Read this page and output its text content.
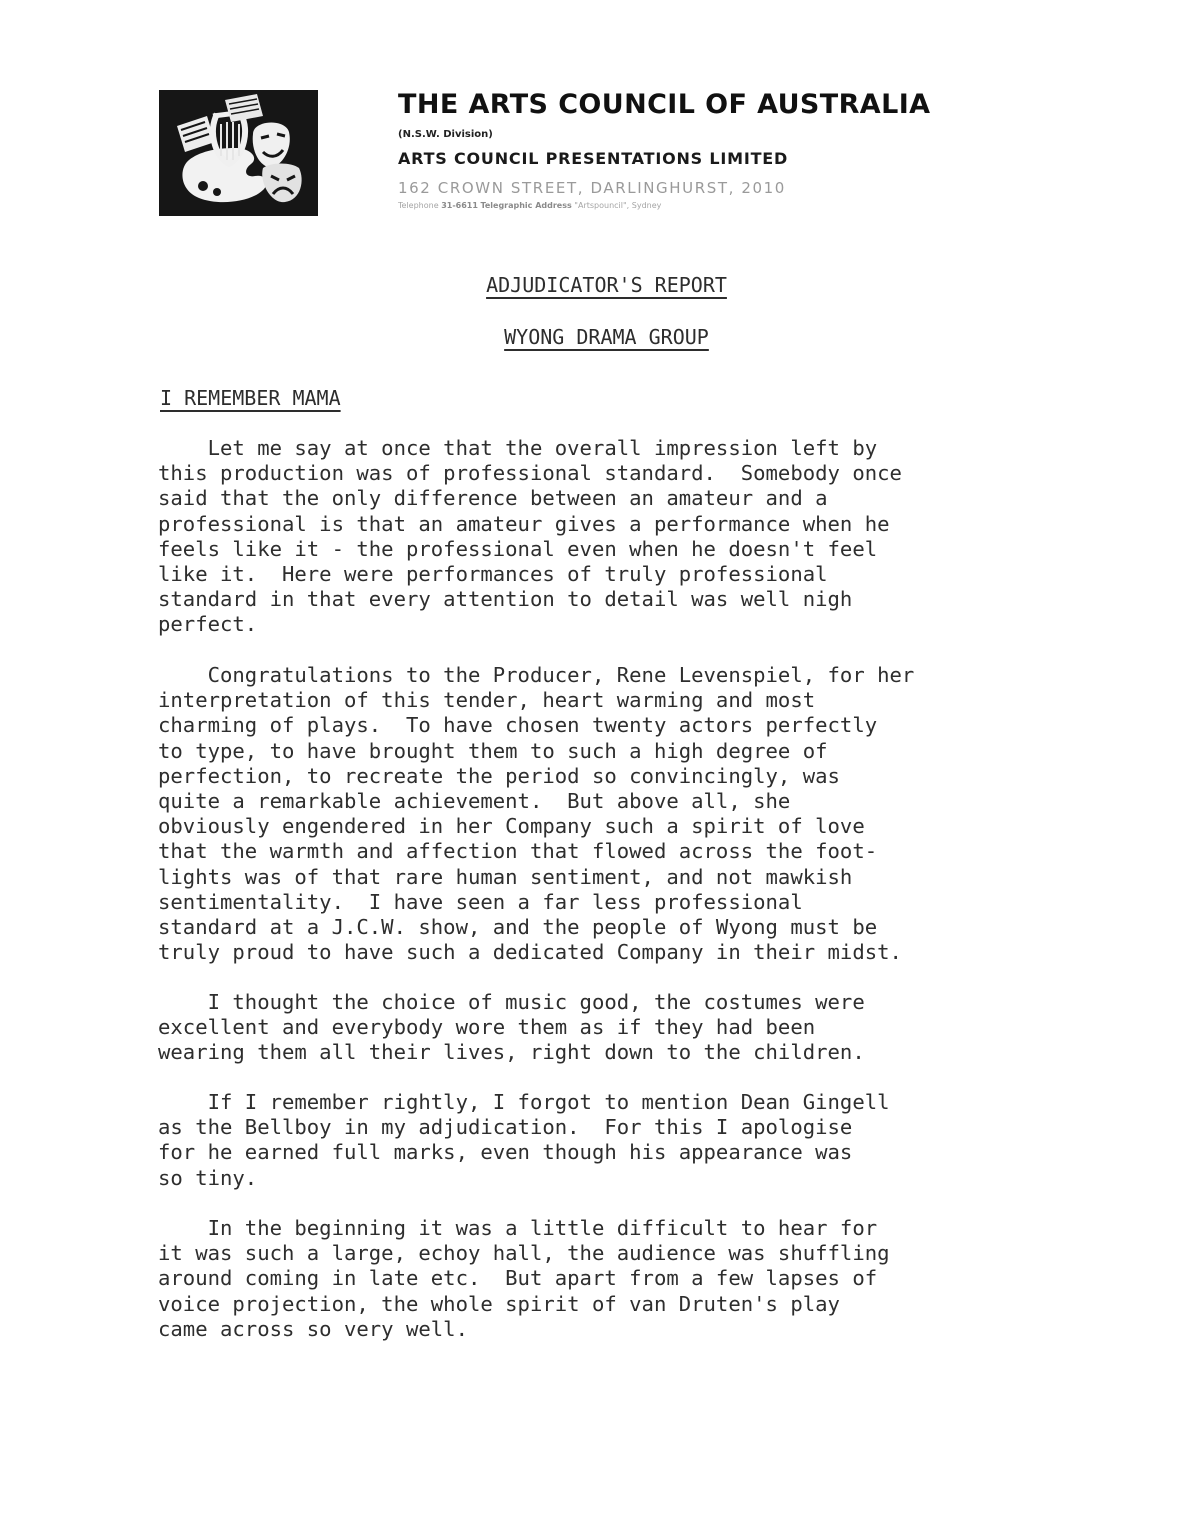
THE ARTS COUNCIL OF AUSTRALIA
(N.S.W. Division)
ARTS COUNCIL PRESENTATIONS LIMITED
162 CROWN STREET, DARLINGHURST, 2010
Telephone 31-6611 Telegraphic Address "Artspouncil", Sydney
ADJUDICATOR'S REPORT
WYONG DRAMA GROUP
I REMEMBER MAMA

Let me say at once that the overall impression left by
this production was of professional standard.  Somebody once
said that the only difference between an amateur and a
professional is that an amateur gives a performance when he
feels like it - the professional even when he doesn't feel
like it.  Here were performances of truly professional
standard in that every attention to detail was well nigh
perfect.

Congratulations to the Producer, Rene Levenspiel, for her
interpretation of this tender, heart warming and most
charming of plays.  To have chosen twenty actors perfectly
to type, to have brought them to such a high degree of
perfection, to recreate the period so convincingly, was
quite a remarkable achievement.  But above all, she
obviously engendered in her Company such a spirit of love
that the warmth and affection that flowed across the foot-
lights was of that rare human sentiment, and not mawkish
sentimentality.  I have seen a far less professional
standard at a J.C.W. show, and the people of Wyong must be
truly proud to have such a dedicated Company in their midst.

I thought the choice of music good, the costumes were
excellent and everybody wore them as if they had been
wearing them all their lives, right down to the children.

If I remember rightly, I forgot to mention Dean Gingell
as the Bellboy in my adjudication.  For this I apologise
for he earned full marks, even though his appearance was
so tiny.

In the beginning it was a little difficult to hear for
it was such a large, echoy hall, the audience was shuffling
around coming in late etc.  But apart from a few lapses of
voice projection, the whole spirit of van Druten's play
came across so very well.
